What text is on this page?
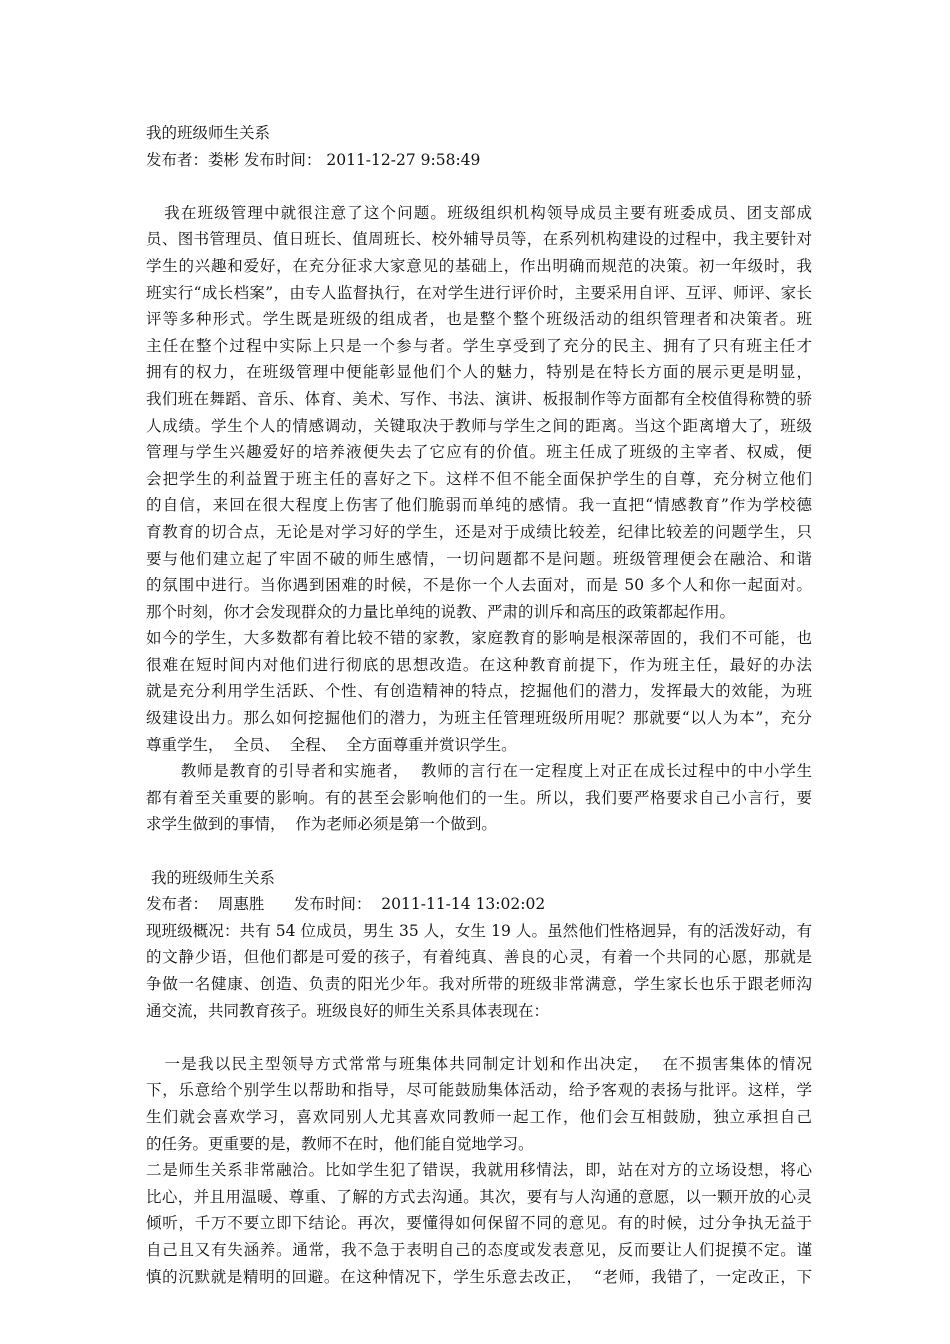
我的班级师生关系
发布者：娄彬 发布时间： 2011-12-27 9:58:49
我在班级管理中就很注意了这个问题。班级组织机构领导成员主要有班委成员、团支部成
员、图书管理员、值日班长、值周班长、校外辅导员等，在系列机构建设的过程中，我主要针对
学生的兴趣和爱好，在充分征求大家意见的基础上，作出明确而规范的决策。初一年级时，我
班实行“成长档案”，由专人监督执行，在对学生进行评价时，主要采用自评、互评、师评、家长
评等多种形式。学生既是班级的组成者，也是整个整个班级活动的组织管理者和决策者。班
主任在整个过程中实际上只是一个参与者。学生享受到了充分的民主、拥有了只有班主任才
拥有的权力，在班级管理中便能彰显他们个人的魅力，特别是在特长方面的展示更是明显，
我们班在舞蹈、音乐、体育、美术、写作、书法、演讲、板报制作等方面都有全校值得称赞的骄
人成绩。学生个人的情感调动，关键取决于教师与学生之间的距离。当这个距离增大了，班级
管理与学生兴趣爱好的培养液便失去了它应有的价值。班主任成了班级的主宰者、权威，便
会把学生的利益置于班主任的喜好之下。这样不但不能全面保护学生的自尊，充分树立他们
的自信，来回在很大程度上伤害了他们脆弱而单纯的感情。我一直把“情感教育”作为学校德
育教育的切合点，无论是对学习好的学生，还是对于成绩比较差，纪律比较差的问题学生，只
要与他们建立起了牢固不破的师生感情，一切问题都不是问题。班级管理便会在融洽、和谐
的氛围中进行。当你遇到困难的时候，不是你一个人去面对，而是 50 多个人和你一起面对。
那个时刻，你才会发现群众的力量比单纯的说教、严肃的训斥和高压的政策都起作用。
如今的学生，大多数都有着比较不错的家教，家庭教育的影响是根深蒂固的，我们不可能，也
很难在短时间内对他们进行彻底的思想改造。在这种教育前提下，作为班主任，最好的办法
就是充分利用学生活跃、个性、有创造精神的特点，挖掘他们的潜力，发挥最大的效能，为班
级建设出力。那么如何挖掘他们的潜力，为班主任管理班级所用呢？那就要“以人为本”，充分
尊重学生，  全员、  全程、  全方面尊重并赏识学生。
教师是教育的引导者和实施者，  教师的言行在一定程度上对正在成长过程中的中小学生
都有着至关重要的影响。有的甚至会影响他们的一生。所以，我们要严格要求自己小言行，要
求学生做到的事情，  作为老师必须是第一个做到。
我的班级师生关系
发布者：  周惠胜      发布时间：  2011-11-14 13:02:02
现班级概况：共有 54 位成员，男生 35 人，女生 19 人。虽然他们性格迥异，有的活泼好动，有
的文静少语，但他们都是可爱的孩子，有着纯真、善良的心灵，有着一个共同的心愿，那就是
争做一名健康、创造、负责的阳光少年。我对所带的班级非常满意，学生家长也乐于跟老师沟
通交流，共同教育孩子。班级良好的师生关系具体表现在：
一是我以民主型领导方式常常与班集体共同制定计划和作出决定，  在不损害集体的情况
下，乐意给个别学生以帮助和指导，尽可能鼓励集体活动，给予客观的表扬与批评。这样，学
生们就会喜欢学习，喜欢同别人尤其喜欢同教师一起工作，他们会互相鼓励，独立承担自己
的任务。更重要的是，教师不在时，他们能自觉地学习。
二是师生关系非常融洽。比如学生犯了错误，我就用移情法，即，站在对方的立场设想，将心
比心，并且用温暖、尊重、了解的方式去沟通。其次，要有与人沟通的意愿，以一颗开放的心灵
倾听，千万不要立即下结论。再次，要懂得如何保留不同的意见。有的时候，过分争执无益于
自己且又有失涵养。通常，我不急于表明自己的态度或发表意见，反而要让人们捉摸不定。谨
慎的沉默就是精明的回避。在这种情况下，学生乐意去改正，  “老师，我错了，一定改正，下
